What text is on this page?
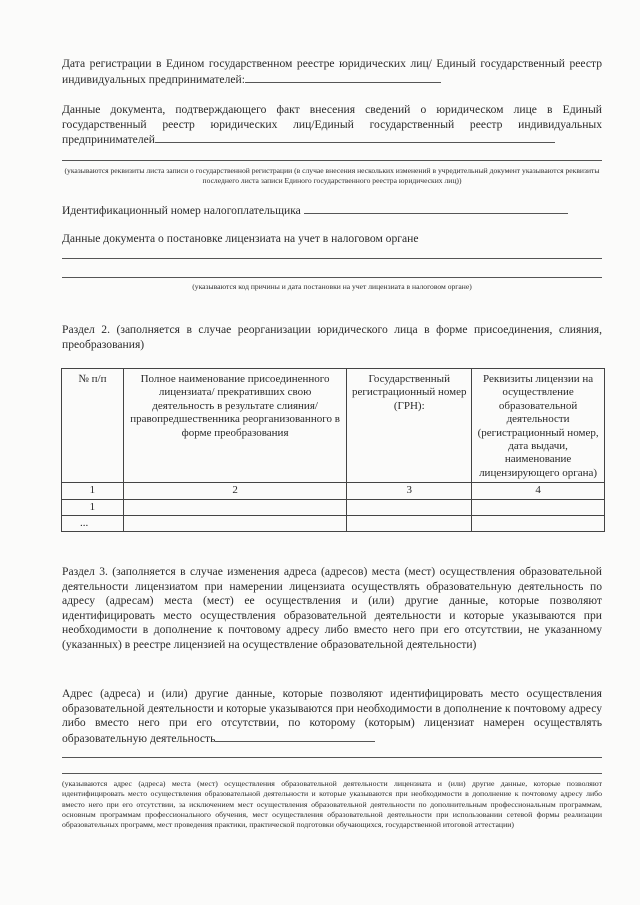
Дата регистрации в Едином государственном реестре юридических лиц/ Единый государственный реестр индивидуальных предпринимателей:

Данные документа, подтверждающего факт внесения сведений о юридическом лице в Единый государственный реестр юридических лиц/Единый государственный реестр индивидуальных предпринимателей

(указываются реквизиты листа записи о государственной регистрации (в случае внесения нескольких изменений в учредительный документ указываются реквизиты последнего листа записи Единого государственного реестра юридических лиц))

Идентификационный номер налогоплательщика

Данные документа о постановке лицензиата на учет в налоговом органе

(указываются код причины и дата постановки на учет лицензиата в налоговом органе)

Раздел 2. (заполняется в случае реорганизации юридического лица в форме присоединения, слияния, преобразования)

№ п/п	Полное наименование присоединенного лицензиата/ прекративших свою деятельность в результате слияния/ правопредшественника реорганизованного в форме преобразования	Государственный регистрационный номер (ГРН):	Реквизиты лицензии на осуществление образовательной деятельности (регистрационный номер, дата выдачи, наименование лицензирующего органа)
1	2	3	4
1			
...			

Раздел 3. (заполняется в случае изменения адреса (адресов) места (мест) осуществления образовательной деятельности лицензиатом при намерении лицензиата осуществлять образовательную деятельность по адресу (адресам) места (мест) ее осуществления и (или) другие данные, которые позволяют идентифицировать место осуществления образовательной деятельности и которые указываются при необходимости в дополнение к почтовому адресу либо вместо него при его отсутствии, не указанному (указанных) в реестре лицензией на осуществление образовательной деятельности)

Адрес (адреса) и (или) другие данные, которые позволяют идентифицировать место осуществления образовательной деятельности и которые указываются при необходимости в дополнение к почтовому адресу либо вместо него при его отсутствии, по которому (которым) лицензиат намерен осуществлять образовательную деятельность

(указываются адрес (адреса) места (мест) осуществления образовательной деятельности лицензиата и (или) другие данные, которые позволяют идентифицировать место осуществления образовательной деятельности и которые указываются при необходимости в дополнение к почтовому адресу либо вместо него при его отсутствии, за исключением мест осуществления образовательной деятельности по дополнительным профессиональным программам, основным программам профессионального обучения, мест осуществления образовательной деятельности при использовании сетевой формы реализации образовательных программ, мест проведения практики, практической подготовки обучающихся, государственной итоговой аттестации)
